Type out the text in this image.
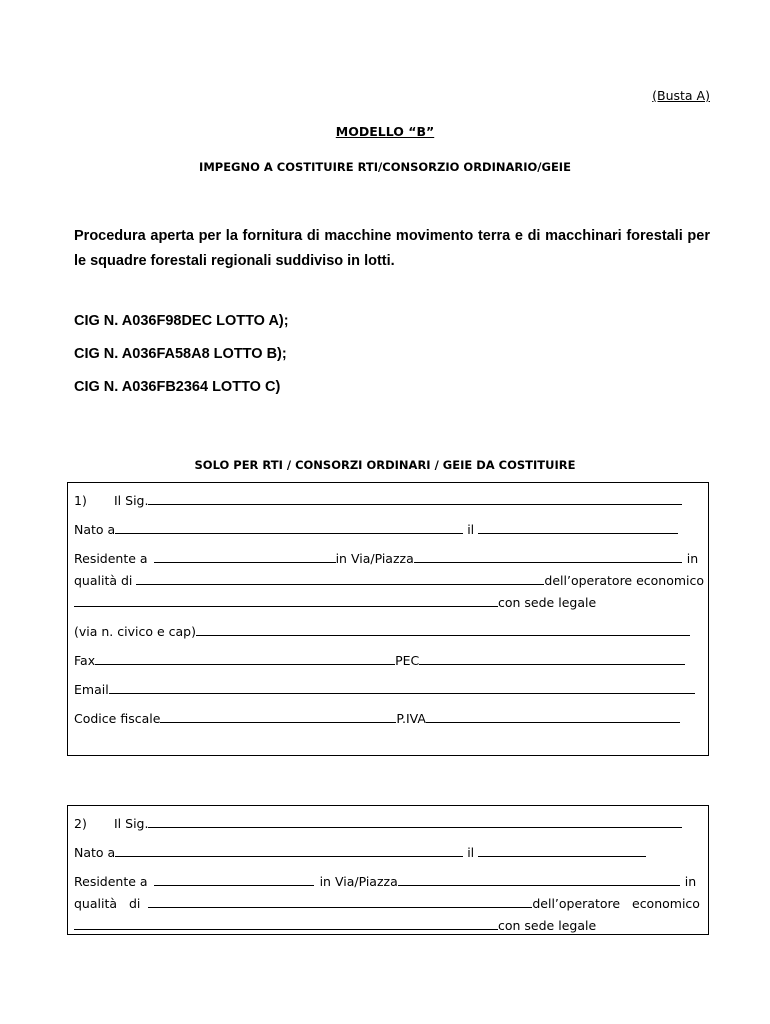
(Busta A)
MODELLO “B”
IMPEGNO A COSTITUIRE RTI/CONSORZIO ORDINARIO/GEIE
Procedura aperta per la fornitura di macchine movimento terra e di macchinari forestali per le squadre forestali regionali suddiviso in lotti.
CIG N. A036F98DEC LOTTO A);
CIG N. A036FA58A8 LOTTO B);
CIG N. A036FB2364 LOTTO C)
SOLO PER RTI / CONSORZI ORDINARI / GEIE DA COSTITUIRE
1)	Il Sig.
Nato a	il
Residente a	in Via/Piazza	in
qualità di	dell’operatore economico
con sede legale
(via n. civico e cap)
Fax	PEC
Email
Codice fiscale	P.IVA
2)	Il Sig.
Nato a	il
Residente a	in Via/Piazza	in
qualità   di	dell’operatore   economico
con sede legale
